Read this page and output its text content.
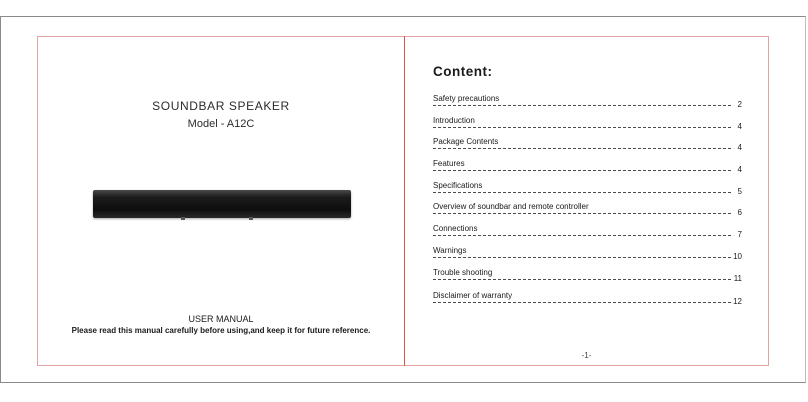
SOUNDBAR SPEAKER
Model - A12C
USER MANUAL
Please read this manual carefully before using,and keep it for future reference.
Content:
Safety precautions
2
Introduction
4
Package Contents
4
Features
4
Specifications
5
Overview of soundbar and remote controller
6
Connections
7
Warnings
10
Trouble shooting
11
Disclaimer of warranty
12
-1-
